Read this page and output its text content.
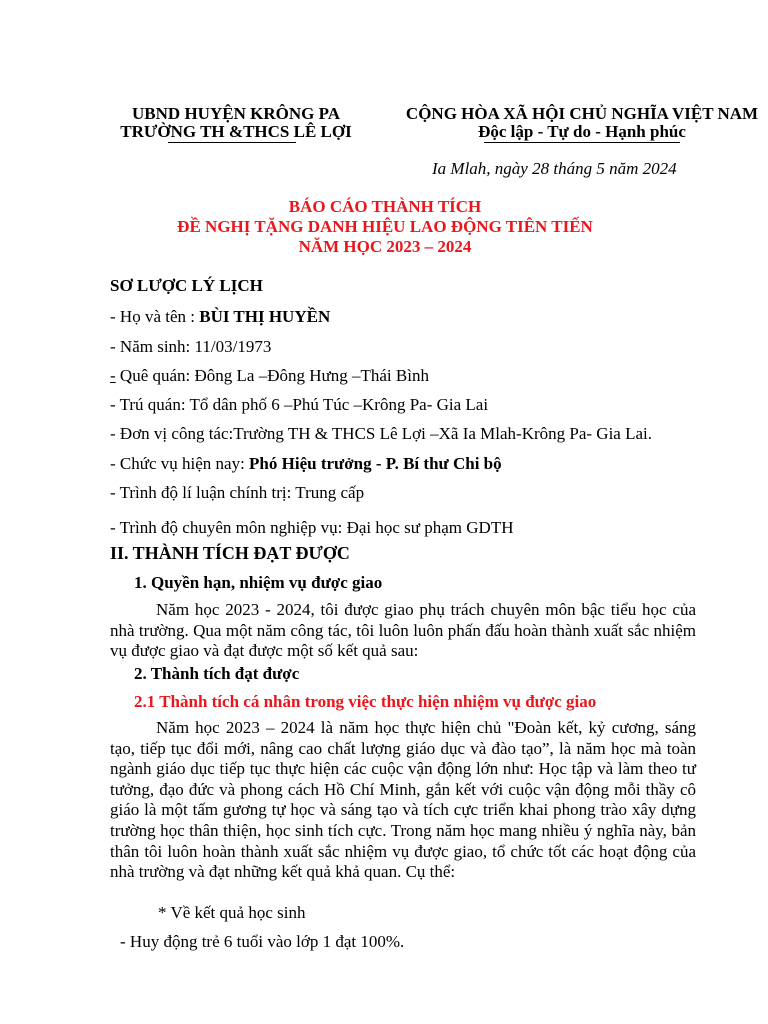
UBND HUYỆN KRÔNG PA
TRƯỜNG TH &THCS LÊ LỢI
CỘNG HÒA XÃ HỘI CHỦ NGHĨA VIỆT NAM
Độc lập - Tự do - Hạnh phúc
Ia Mlah, ngày 28 tháng 5 năm 2024
BÁO CÁO THÀNH TÍCH
ĐỀ NGHỊ TẶNG DANH HIỆU LAO ĐỘNG TIÊN TIẾN
NĂM HỌC 2023 – 2024
SƠ LƯỢC LÝ LỊCH
- Họ và tên : BÙI THỊ HUYỀN
- Năm sinh: 11/03/1973
- Quê quán: Đông La –Đông Hưng –Thái Bình
- Trú quán: Tổ dân phố 6 –Phú Túc –Krông Pa- Gia Lai
- Đơn vị công tác:Trường TH & THCS Lê Lợi –Xã Ia Mlah-Krông Pa- Gia Lai.
- Chức vụ hiện nay: Phó Hiệu trưởng - P. Bí thư Chi bộ
- Trình độ lí luận chính trị: Trung cấp
- Trình độ chuyên môn nghiệp vụ: Đại học sư phạm GDTH
II. THÀNH TÍCH ĐẠT ĐƯỢC
1. Quyền hạn, nhiệm vụ được giao
Năm học 2023 - 2024, tôi được giao phụ trách chuyên môn bậc tiểu học của nhà trường. Qua một năm công tác, tôi luôn luôn phấn đấu hoàn thành xuất sắc nhiệm vụ được giao và đạt được một số kết quả sau:
2. Thành tích đạt được
2.1 Thành tích cá nhân trong việc thực hiện nhiệm vụ được giao
Năm học 2023 – 2024 là năm học thực hiện chủ "Đoàn kết, kỷ cương, sáng tạo, tiếp tục đổi mới, nâng cao chất lượng giáo dục và đào tạo”, là năm học mà toàn ngành giáo dục tiếp tục thực hiện các cuộc vận động lớn như: Học tập và làm theo tư tưởng, đạo đức và phong cách Hồ Chí Minh, gắn kết với cuộc vận động mỗi thầy cô giáo là một tấm gương tự học và sáng tạo và tích cực triển khai phong trào xây dựng trường học thân thiện, học sinh tích cực. Trong năm học mang nhiều ý nghĩa này, bản thân tôi luôn hoàn thành xuất sắc nhiệm vụ được giao, tổ chức tốt các hoạt động của nhà trường và đạt những kết quả khả quan. Cụ thể:
* Về kết quả học sinh
- Huy động trẻ 6 tuổi vào lớp 1 đạt 100%.
